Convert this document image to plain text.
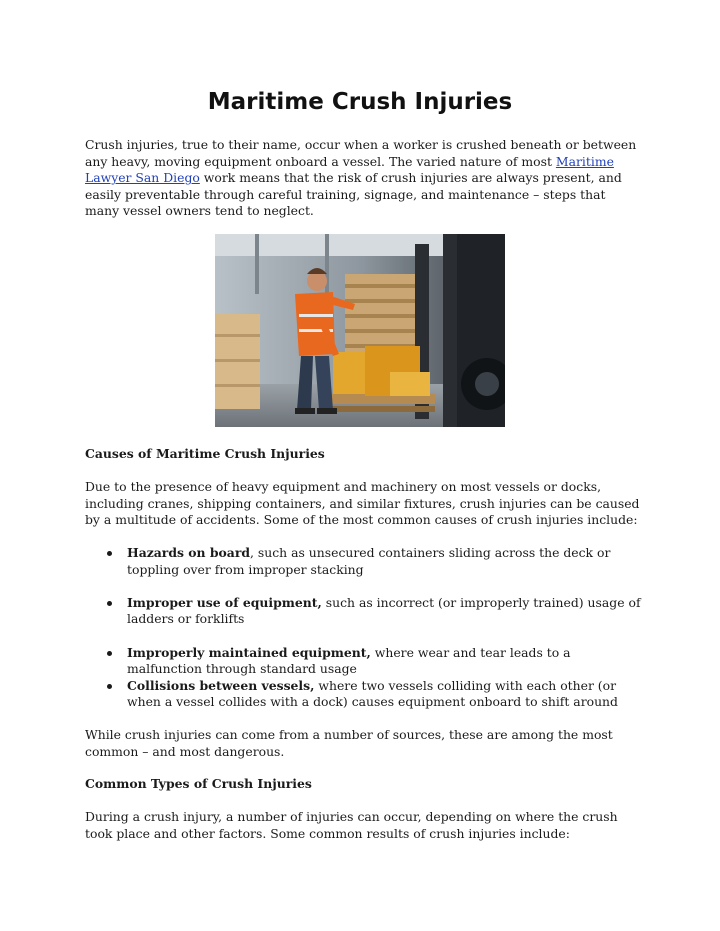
Maritime Crush Injuries

Crush injuries, true to their name, occur when a worker is crushed beneath or between any heavy, moving equipment onboard a vessel. The varied nature of most Maritime Lawyer San Diego work means that the risk of crush injuries are always present, and easily preventable through careful training, signage, and maintenance – steps that many vessel owners tend to neglect.

Causes of Maritime Crush Injuries

Due to the presence of heavy equipment and machinery on most vessels or docks, including cranes, shipping containers, and similar fixtures, crush injuries can be caused by a multitude of accidents. Some of the most common causes of crush injuries include:

Hazards on board, such as unsecured containers sliding across the deck or toppling over from improper stacking
Improper use of equipment, such as incorrect (or improperly trained) usage of ladders or forklifts
Improperly maintained equipment, where wear and tear leads to a malfunction through standard usage
Collisions between vessels, where two vessels colliding with each other (or when a vessel collides with a dock) causes equipment onboard to shift around

While crush injuries can come from a number of sources, these are among the most common – and most dangerous.

Common Types of Crush Injuries

During a crush injury, a number of injuries can occur, depending on where the crush took place and other factors. Some common results of crush injuries include:
